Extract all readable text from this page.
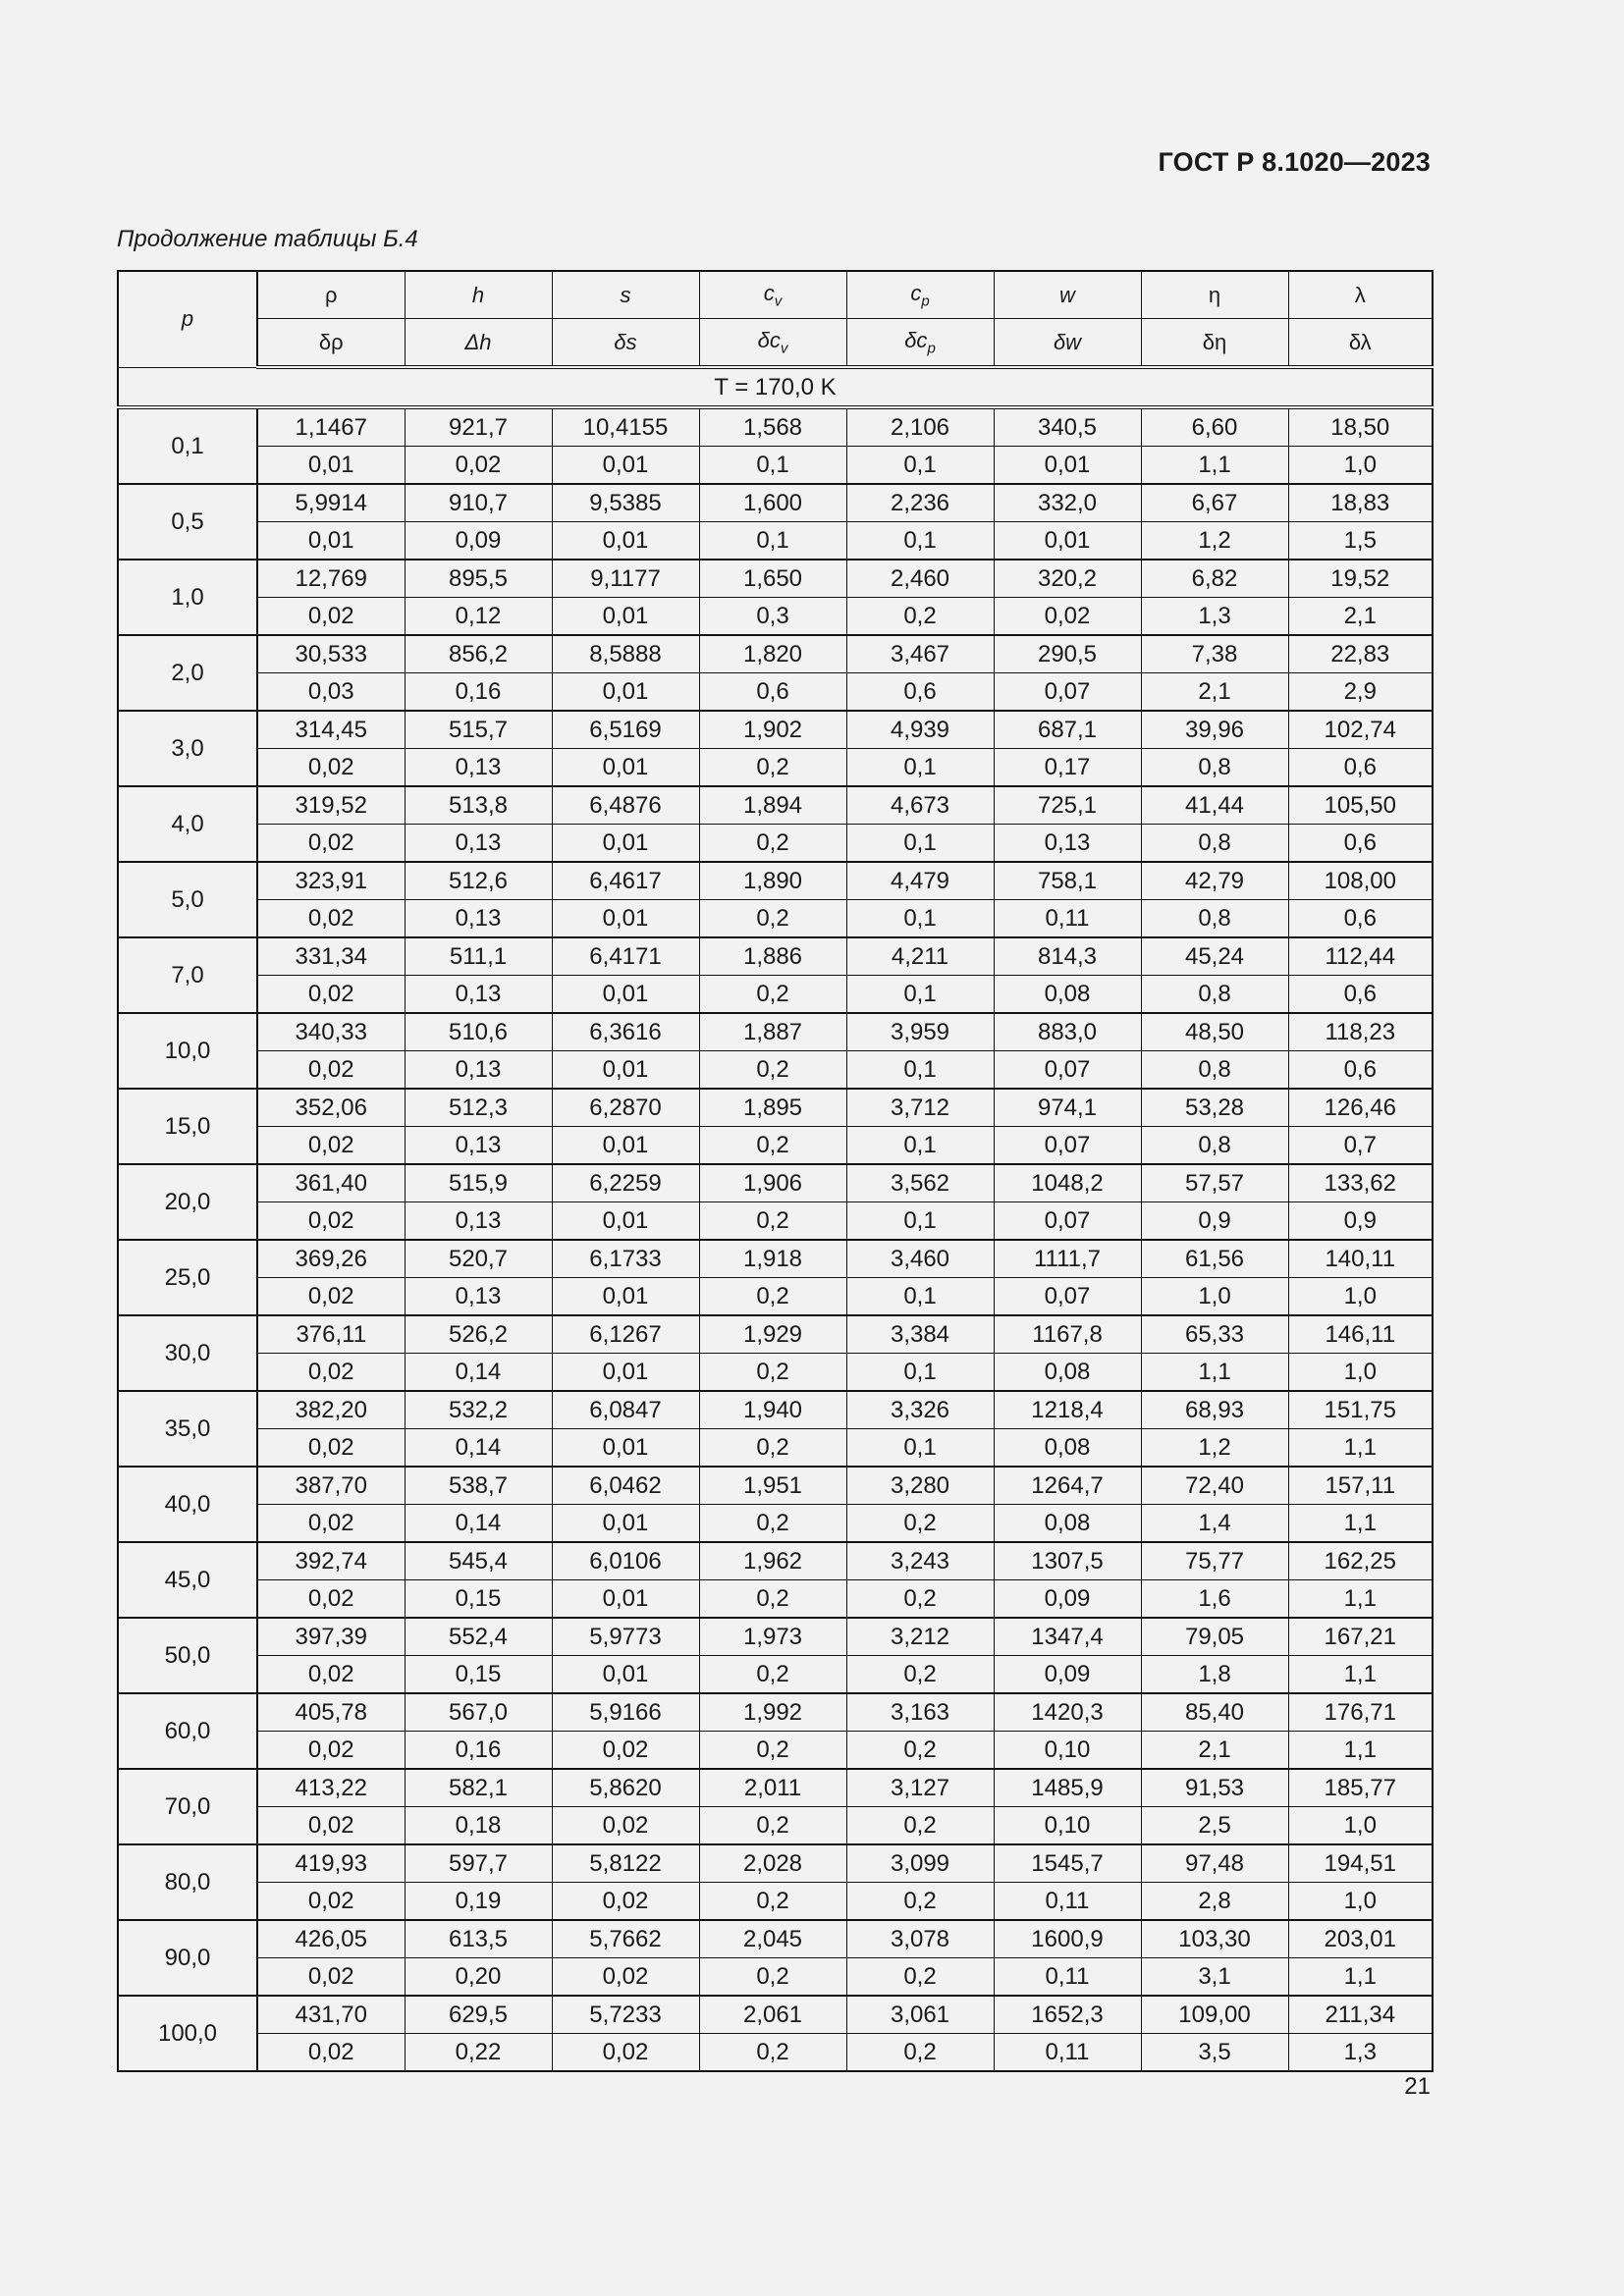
ГОСТ Р 8.1020—2023
Продолжение таблицы Б.4
p	ρ	h	s	$c_v$	$c_p$	w	η	λ
	δρ	Δh	δs	$\delta c_v$	$\delta c_p$	δw	δη	δλ
T = 170,0 K								
0,1	1,1467	921,7	10,4155	1,568	2,106	340,5	6,60	18,50
	0,01	0,02	0,01	0,1	0,1	0,01	1,1	1,0
0,5	5,9914	910,7	9,5385	1,600	2,236	332,0	6,67	18,83
	0,01	0,09	0,01	0,1	0,1	0,01	1,2	1,5
1,0	12,769	895,5	9,1177	1,650	2,460	320,2	6,82	19,52
	0,02	0,12	0,01	0,3	0,2	0,02	1,3	2,1
2,0	30,533	856,2	8,5888	1,820	3,467	290,5	7,38	22,83
	0,03	0,16	0,01	0,6	0,6	0,07	2,1	2,9
3,0	314,45	515,7	6,5169	1,902	4,939	687,1	39,96	102,74
	0,02	0,13	0,01	0,2	0,1	0,17	0,8	0,6
4,0	319,52	513,8	6,4876	1,894	4,673	725,1	41,44	105,50
	0,02	0,13	0,01	0,2	0,1	0,13	0,8	0,6
5,0	323,91	512,6	6,4617	1,890	4,479	758,1	42,79	108,00
	0,02	0,13	0,01	0,2	0,1	0,11	0,8	0,6
7,0	331,34	511,1	6,4171	1,886	4,211	814,3	45,24	112,44
	0,02	0,13	0,01	0,2	0,1	0,08	0,8	0,6
10,0	340,33	510,6	6,3616	1,887	3,959	883,0	48,50	118,23
	0,02	0,13	0,01	0,2	0,1	0,07	0,8	0,6
15,0	352,06	512,3	6,2870	1,895	3,712	974,1	53,28	126,46
	0,02	0,13	0,01	0,2	0,1	0,07	0,8	0,7
20,0	361,40	515,9	6,2259	1,906	3,562	1048,2	57,57	133,62
	0,02	0,13	0,01	0,2	0,1	0,07	0,9	0,9
25,0	369,26	520,7	6,1733	1,918	3,460	1111,7	61,56	140,11
	0,02	0,13	0,01	0,2	0,1	0,07	1,0	1,0
30,0	376,11	526,2	6,1267	1,929	3,384	1167,8	65,33	146,11
	0,02	0,14	0,01	0,2	0,1	0,08	1,1	1,0
35,0	382,20	532,2	6,0847	1,940	3,326	1218,4	68,93	151,75
	0,02	0,14	0,01	0,2	0,1	0,08	1,2	1,1
40,0	387,70	538,7	6,0462	1,951	3,280	1264,7	72,40	157,11
	0,02	0,14	0,01	0,2	0,2	0,08	1,4	1,1
45,0	392,74	545,4	6,0106	1,962	3,243	1307,5	75,77	162,25
	0,02	0,15	0,01	0,2	0,2	0,09	1,6	1,1
50,0	397,39	552,4	5,9773	1,973	3,212	1347,4	79,05	167,21
	0,02	0,15	0,01	0,2	0,2	0,09	1,8	1,1
60,0	405,78	567,0	5,9166	1,992	3,163	1420,3	85,40	176,71
	0,02	0,16	0,02	0,2	0,2	0,10	2,1	1,1
70,0	413,22	582,1	5,8620	2,011	3,127	1485,9	91,53	185,77
	0,02	0,18	0,02	0,2	0,2	0,10	2,5	1,0
80,0	419,93	597,7	5,8122	2,028	3,099	1545,7	97,48	194,51
	0,02	0,19	0,02	0,2	0,2	0,11	2,8	1,0
90,0	426,05	613,5	5,7662	2,045	3,078	1600,9	103,30	203,01
	0,02	0,20	0,02	0,2	0,2	0,11	3,1	1,1
100,0	431,70	629,5	5,7233	2,061	3,061	1652,3	109,00	211,34
	0,02	0,22	0,02	0,2	0,2	0,11	3,5	1,3
21
